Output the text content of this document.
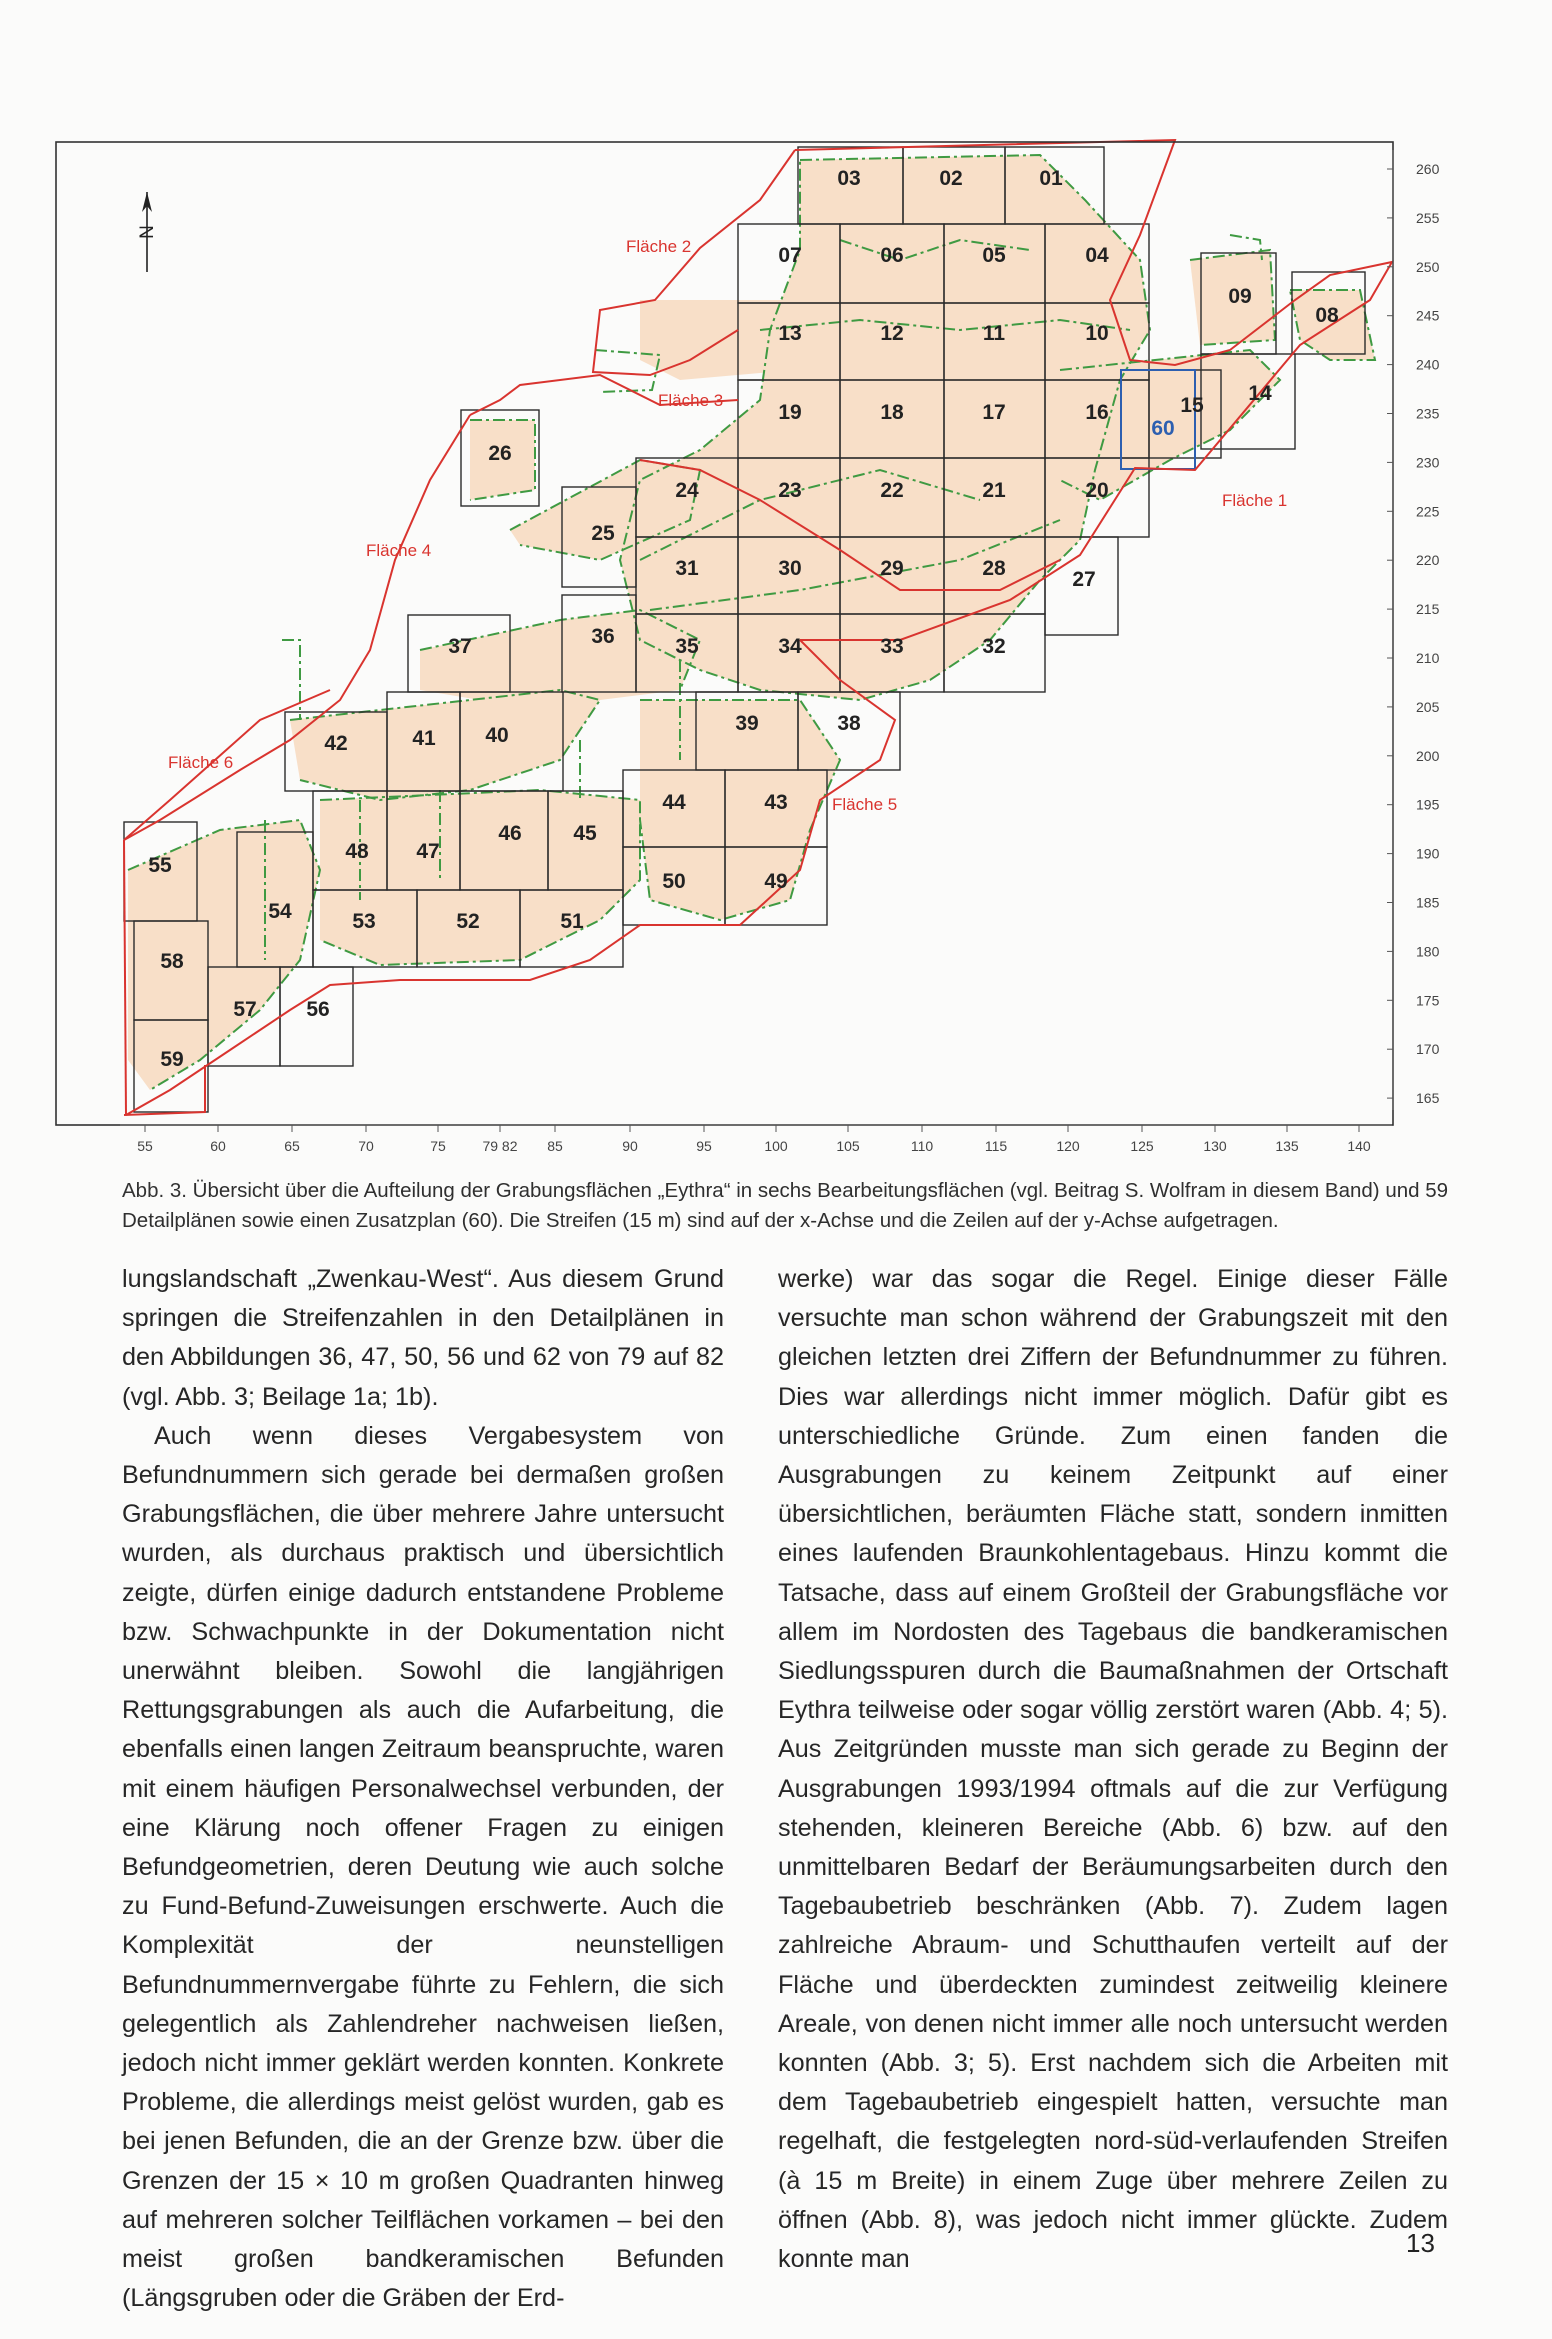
N
Fläche 1
Fläche 2
Fläche 3
Fläche 4
Fläche 5
Fläche 6
01
02
03
04
05
06
07
08
09
10
11
12
13
14
15
16
17
18
19
20
21
22
23
24
25
26
27
28
29
30
31
32
33
34
35
36
37
38
39
40
41
42
43
44
45
46
47
48
49
50
51
52
53
54
55
56
57
58
59
60
260
255
250
245
240
235
230
225
220
215
210
205
200
195
190
185
180
175
170
165
55	60	65	70	75	79 82 85	90	95	100	105	110	115	120	125	130	135	140

Abb. 3. Übersicht über die Aufteilung der Grabungsflächen „Eythra“ in sechs Bearbeitungsflächen (vgl. Beitrag S. Wolfram in diesem Band) und 59 Detailplänen sowie einen Zusatzplan (60). Die Streifen (15 m) sind auf der x-Achse und die Zeilen auf der y-Achse aufgetragen.

lungslandschaft „Zwenkau-West“. Aus diesem Grund springen die Streifenzahlen in den Detailplänen in den Abbildungen 36, 47, 50, 56 und 62 von 79 auf 82 (vgl. Abb. 3; Beilage 1a; 1b).

Auch wenn dieses Vergabesystem von Befundnummern sich gerade bei dermaßen großen Grabungsflächen, die über mehrere Jahre untersucht wurden, als durchaus praktisch und übersichtlich zeigte, dürfen einige dadurch entstandene Probleme bzw. Schwachpunkte in der Dokumentation nicht unerwähnt bleiben. Sowohl die langjährigen Rettungsgrabungen als auch die Aufarbeitung, die ebenfalls einen langen Zeitraum beanspruchte, waren mit einem häufigen Personalwechsel verbunden, der eine Klärung noch offener Fragen zu einigen Befundgeometrien, deren Deutung wie auch solche zu Fund-Befund-Zuweisungen erschwerte. Auch die Komplexität der neunstelligen Befundnummernvergabe führte zu Fehlern, die sich gelegentlich als Zahlendreher nachweisen ließen, jedoch nicht immer geklärt werden konnten. Konkrete Probleme, die allerdings meist gelöst wurden, gab es bei jenen Befunden, die an der Grenze bzw. über die Grenzen der 15 × 10 m großen Quadranten hinweg auf mehreren solcher Teilflächen vorkamen – bei den meist großen bandkeramischen Befunden (Längsgruben oder die Gräben der Erd-

werke) war das sogar die Regel. Einige dieser Fälle versuchte man schon während der Grabungszeit mit den gleichen letzten drei Ziffern der Befundnummer zu führen. Dies war allerdings nicht immer möglich. Dafür gibt es unterschiedliche Gründe. Zum einen fanden die Ausgrabungen zu keinem Zeitpunkt auf einer übersichtlichen, beräumten Fläche statt, sondern inmitten eines laufenden Braunkohlentagebaus. Hinzu kommt die Tatsache, dass auf einem Großteil der Grabungsfläche vor allem im Nordosten des Tagebaus die bandkeramischen Siedlungsspuren durch die Baumaßnahmen der Ortschaft Eythra teilweise oder sogar völlig zerstört waren (Abb. 4; 5). Aus Zeitgründen musste man sich gerade zu Beginn der Ausgrabungen 1993/1994 oftmals auf die zur Verfügung stehenden, kleineren Bereiche (Abb. 6) bzw. auf den unmittelbaren Bedarf der Beräumungsarbeiten durch den Tagebaubetrieb beschränken (Abb. 7). Zudem lagen zahlreiche Abraum- und Schutthaufen verteilt auf der Fläche und überdeckten zumindest zeitweilig kleinere Areale, von denen nicht immer alle noch untersucht werden konnten (Abb. 3; 5). Erst nachdem sich die Arbeiten mit dem Tagebaubetrieb eingespielt hatten, versuchte man regelhaft, die festgelegten nord-süd-verlaufenden Streifen (à 15 m Breite) in einem Zuge über mehrere Zeilen zu öffnen (Abb. 8), was jedoch nicht immer glückte. Zudem konnte man

13
